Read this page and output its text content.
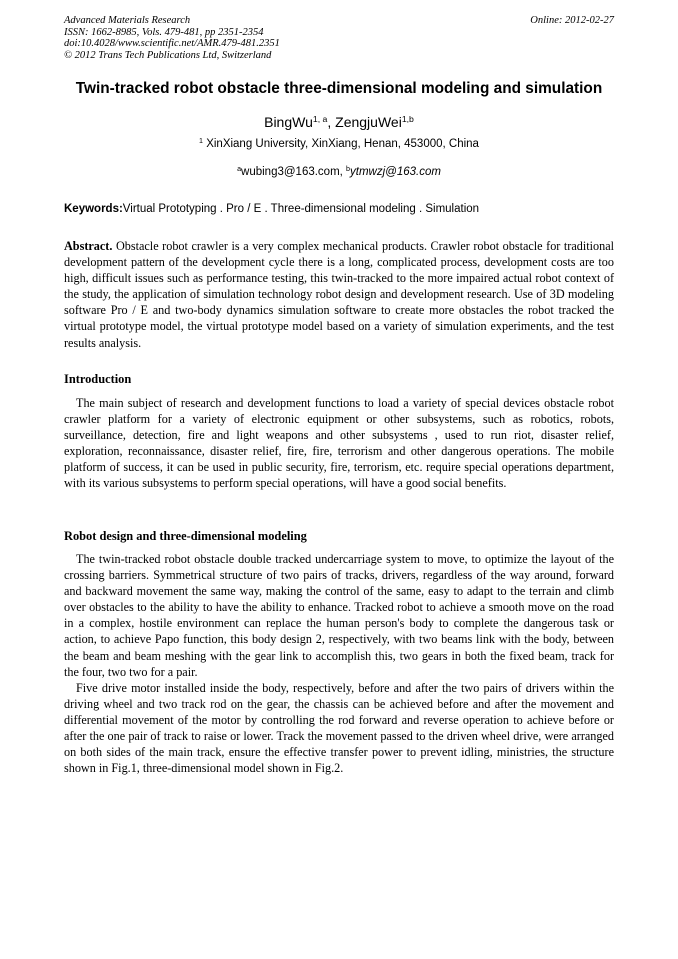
Advanced Materials Research
ISSN: 1662-8985, Vols. 479-481, pp 2351-2354
doi:10.4028/www.scientific.net/AMR.479-481.2351
© 2012 Trans Tech Publications Ltd, Switzerland
Online: 2012-02-27
Twin-tracked robot obstacle three-dimensional modeling and simulation
BingWu$^{1, a}$, ZengjuWei$^{1,b}$
$^1$ XinXiang University, XinXiang, Henan, 453000, China
$^a$wubing3@163.com, $^b$ytmwzj@163.com
Keywords:Virtual Prototyping . Pro / E . Three-dimensional modeling . Simulation

Abstract. Obstacle robot crawler is a very complex mechanical products. Crawler robot obstacle for traditional development pattern of the development cycle there is a long, complicated process, development costs are too high, difficult issues such as performance testing, this twin-tracked to the more impaired actual robot context of the study, the application of simulation technology robot design and development research. Use of 3D modeling software Pro / E and two-body dynamics simulation software to create more obstacles the robot tracked the virtual prototype model, the virtual prototype model based on a variety of simulation experiments, and the test results analysis.

Introduction

The main subject of research and development functions to load a variety of special devices obstacle robot crawler platform for a variety of electronic equipment or other subsystems, such as robotics, robots, surveillance, detection, fire and light weapons and other subsystems , used to run riot, disaster relief, exploration, reconnaissance, disaster relief, fire, fire, terrorism and other dangerous operations. The mobile platform of success, it can be used in public security, fire, terrorism, etc. require special operations department, with its various subsystems to perform special operations, will have a good social benefits.

Robot design and three-dimensional modeling

The twin-tracked robot obstacle double tracked undercarriage system to move, to optimize the layout of the crossing barriers. Symmetrical structure of two pairs of tracks, drivers, regardless of the way around, forward and backward movement the same way, making the control of the same, easy to adapt to the terrain and climb over obstacles to the ability to have the ability to enhance. Tracked robot to achieve a smooth move on the road in a complex, hostile environment can replace the human person's body to complete the dangerous task or action, to achieve Papo function, this body design 2, respectively, with two beams link with the body, between the beam and beam meshing with the gear link to accomplish this, two gears in both the fixed beam, track for the four, two two for a pair.

Five drive motor installed inside the body, respectively, before and after the two pairs of drivers within the driving wheel and two track rod on the gear, the chassis can be achieved before and after the movement and differential movement of the motor by controlling the rod forward and reverse operation to achieve before or after the one pair of track to raise or lower. Track the movement passed to the driven wheel drive, were arranged on both sides of the main track, ensure the effective transfer power to prevent idling, ministries, the structure shown in Fig.1, three-dimensional model shown in Fig.2.
